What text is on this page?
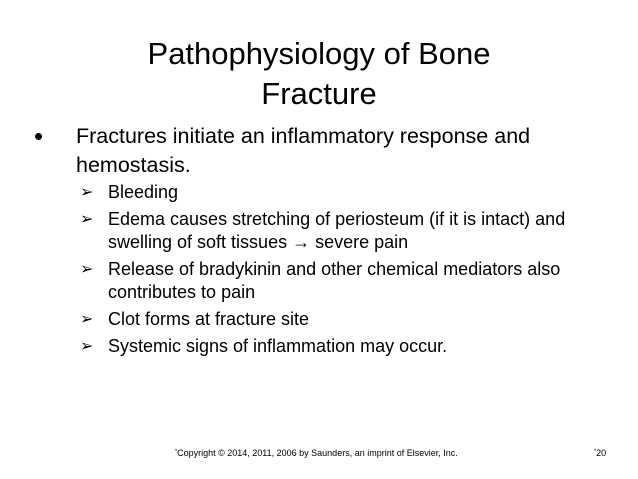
Pathophysiology of Bone
Fracture
• Fractures initiate an inflammatory response and hemostasis.
➢ Bleeding
➢ Edema causes stretching of periosteum (if it is intact) and swelling of soft tissues → severe pain
➢ Release of bradykinin and other chemical mediators also contributes to pain
➢ Clot forms at fracture site
➢ Systemic signs of inflammation may occur.
•Copyright © 2014, 2011, 2006 by Saunders, an imprint of Elsevier, Inc.	•20
